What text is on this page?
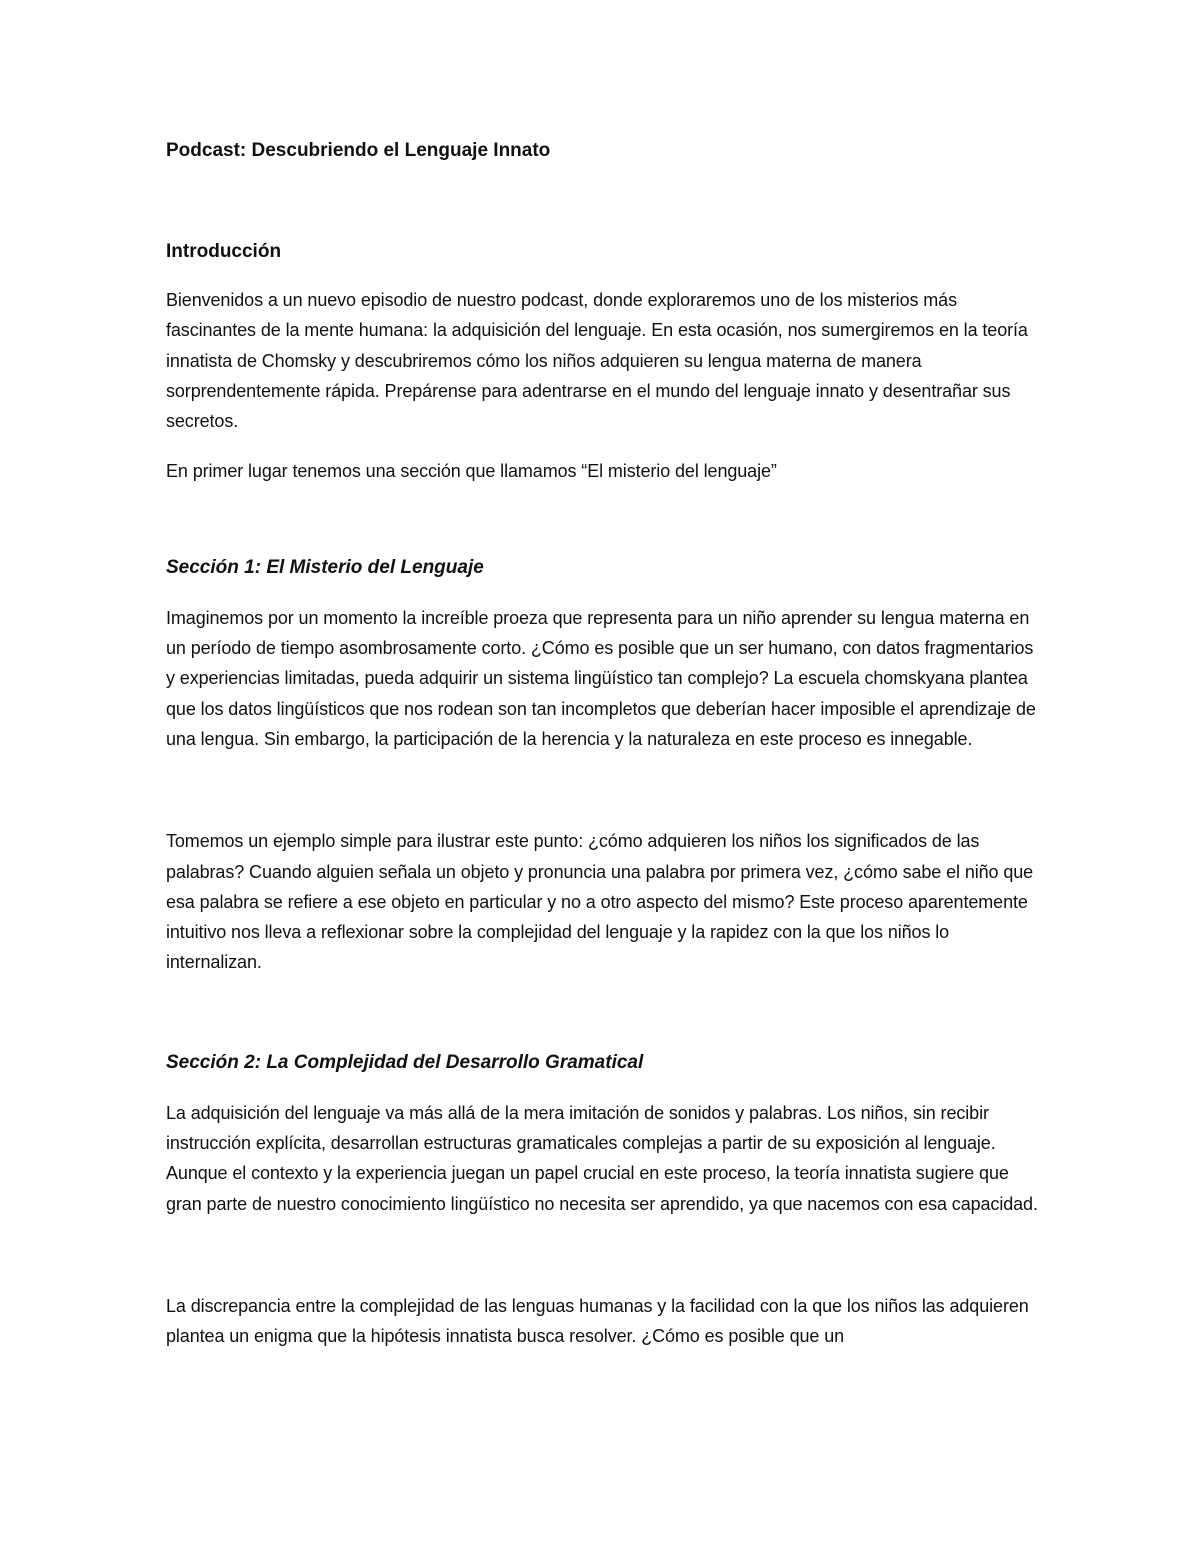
Podcast: Descubriendo el Lenguaje Innato
Introducción

Bienvenidos a un nuevo episodio de nuestro podcast, donde exploraremos uno de los misterios más fascinantes de la mente humana: la adquisición del lenguaje. En esta ocasión, nos sumergiremos en la teoría innatista de Chomsky y descubriremos cómo los niños adquieren su lengua materna de manera sorprendentemente rápida. Prepárense para adentrarse en el mundo del lenguaje innato y desentrañar sus secretos.

En primer lugar tenemos una sección que llamamos “El misterio del lenguaje”

Sección 1: El Misterio del Lenguaje

Imaginemos por un momento la increíble proeza que representa para un niño aprender su lengua materna en un período de tiempo asombrosamente corto. ¿Cómo es posible que un ser humano, con datos fragmentarios y experiencias limitadas, pueda adquirir un sistema lingüístico tan complejo? La escuela chomskyana plantea que los datos lingüísticos que nos rodean son tan incompletos que deberían hacer imposible el aprendizaje de una lengua. Sin embargo, la participación de la herencia y la naturaleza en este proceso es innegable.

Tomemos un ejemplo simple para ilustrar este punto: ¿cómo adquieren los niños los significados de las palabras? Cuando alguien señala un objeto y pronuncia una palabra por primera vez, ¿cómo sabe el niño que esa palabra se refiere a ese objeto en particular y no a otro aspecto del mismo? Este proceso aparentemente intuitivo nos lleva a reflexionar sobre la complejidad del lenguaje y la rapidez con la que los niños lo internalizan.

Sección 2: La Complejidad del Desarrollo Gramatical

La adquisición del lenguaje va más allá de la mera imitación de sonidos y palabras. Los niños, sin recibir instrucción explícita, desarrollan estructuras gramaticales complejas a partir de su exposición al lenguaje. Aunque el contexto y la experiencia juegan un papel crucial en este proceso, la teoría innatista sugiere que gran parte de nuestro conocimiento lingüístico no necesita ser aprendido, ya que nacemos con esa capacidad.

La discrepancia entre la complejidad de las lenguas humanas y la facilidad con la que los niños las adquieren plantea un enigma que la hipótesis innatista busca resolver. ¿Cómo es posible que un
